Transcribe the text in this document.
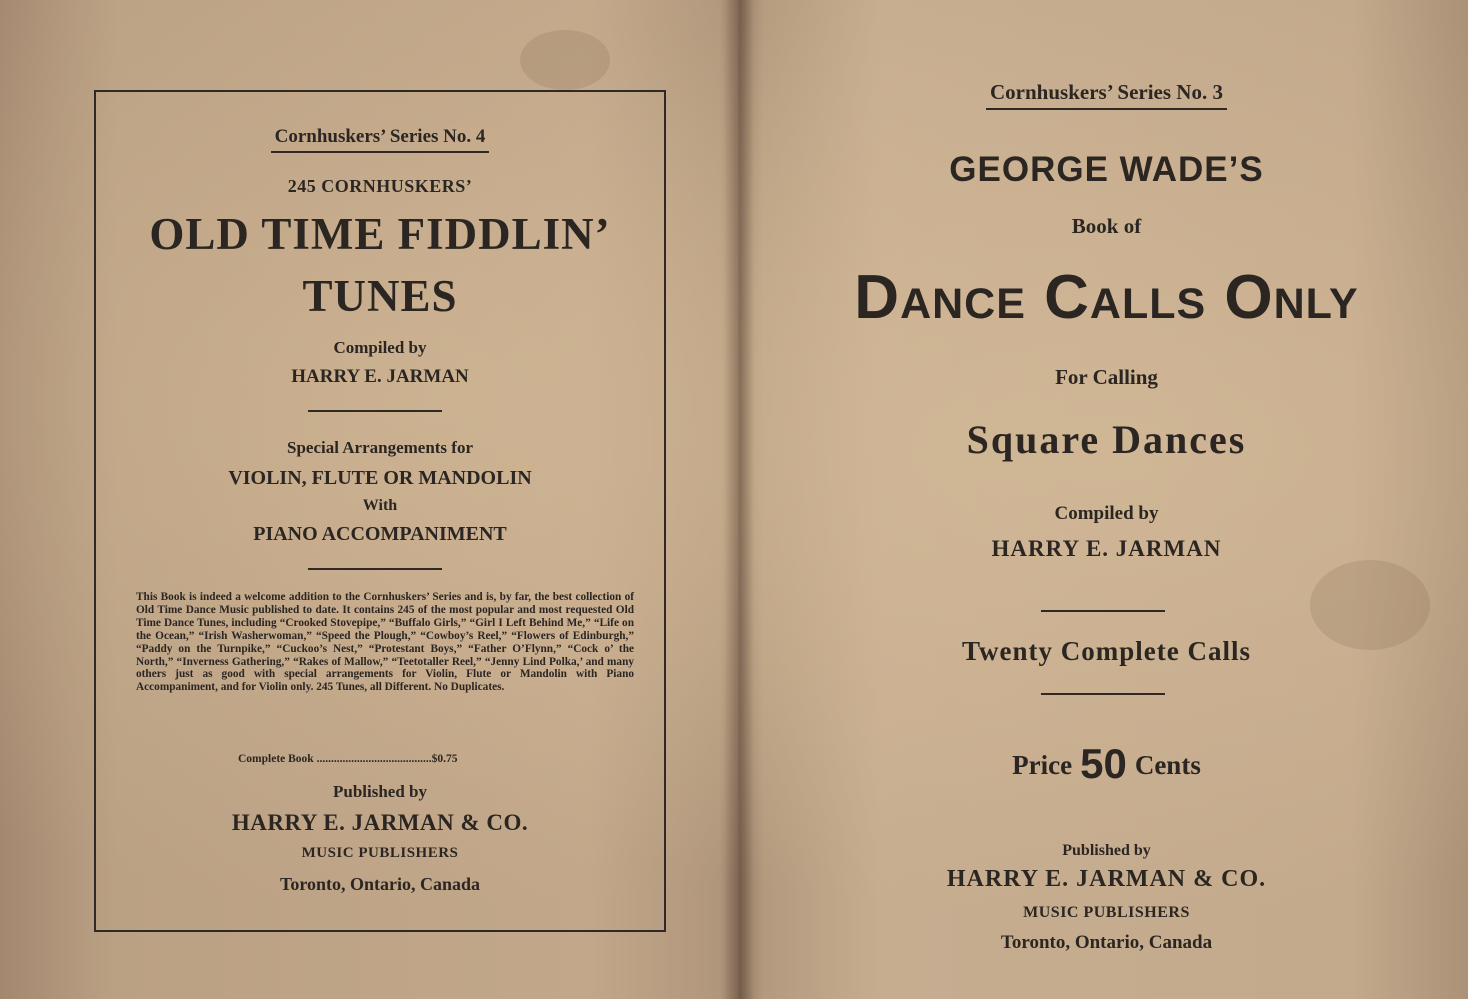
Cornhuskers’ Series No. 4
245 CORNHUSKERS’
OLD TIME FIDDLIN’
TUNES
Compiled by
HARRY E. JARMAN
Special Arrangements for
VIOLIN, FLUTE OR MANDOLIN
With
PIANO ACCOMPANIMENT
This Book is indeed a welcome addition to the Cornhuskers’ Series and is, by far, the best collection of Old Time Dance Music published to date. It contains 245 of the most popular and most requested Old Time Dance Tunes, including “Crooked Stovepipe,” “Buffalo Girls,” “Girl I Left Behind Me,” “Life on the Ocean,” “Irish Washerwoman,” “Speed the Plough,” “Cowboy’s Reel,” “Flowers of Edinburgh,” “Paddy on the Turnpike,” “Cuckoo’s Nest,” “Protestant Boys,” “Father O’Flynn,” “Cock o’ the North,” “Inverness Gathering,” “Rakes of Mallow,” “Teetotaller Reel,” “Jenny Lind Polka,’ and many others just as good with special arrangements for Violin, Flute or Mandolin with Piano Accompaniment, and for Violin only. 245 Tunes, all Different. No Duplicates.
Complete Book ........................................$0.75
Published by
HARRY E. JARMAN & CO.
MUSIC PUBLISHERS
Toronto, Ontario, Canada
Cornhuskers’ Series No. 3
GEORGE WADE’S
Book of
Dance Calls Only
For Calling
Square Dances
Compiled by
HARRY E. JARMAN
Twenty Complete Calls
Price 50 Cents
Published by
HARRY E. JARMAN & CO.
MUSIC PUBLISHERS
Toronto, Ontario, Canada
